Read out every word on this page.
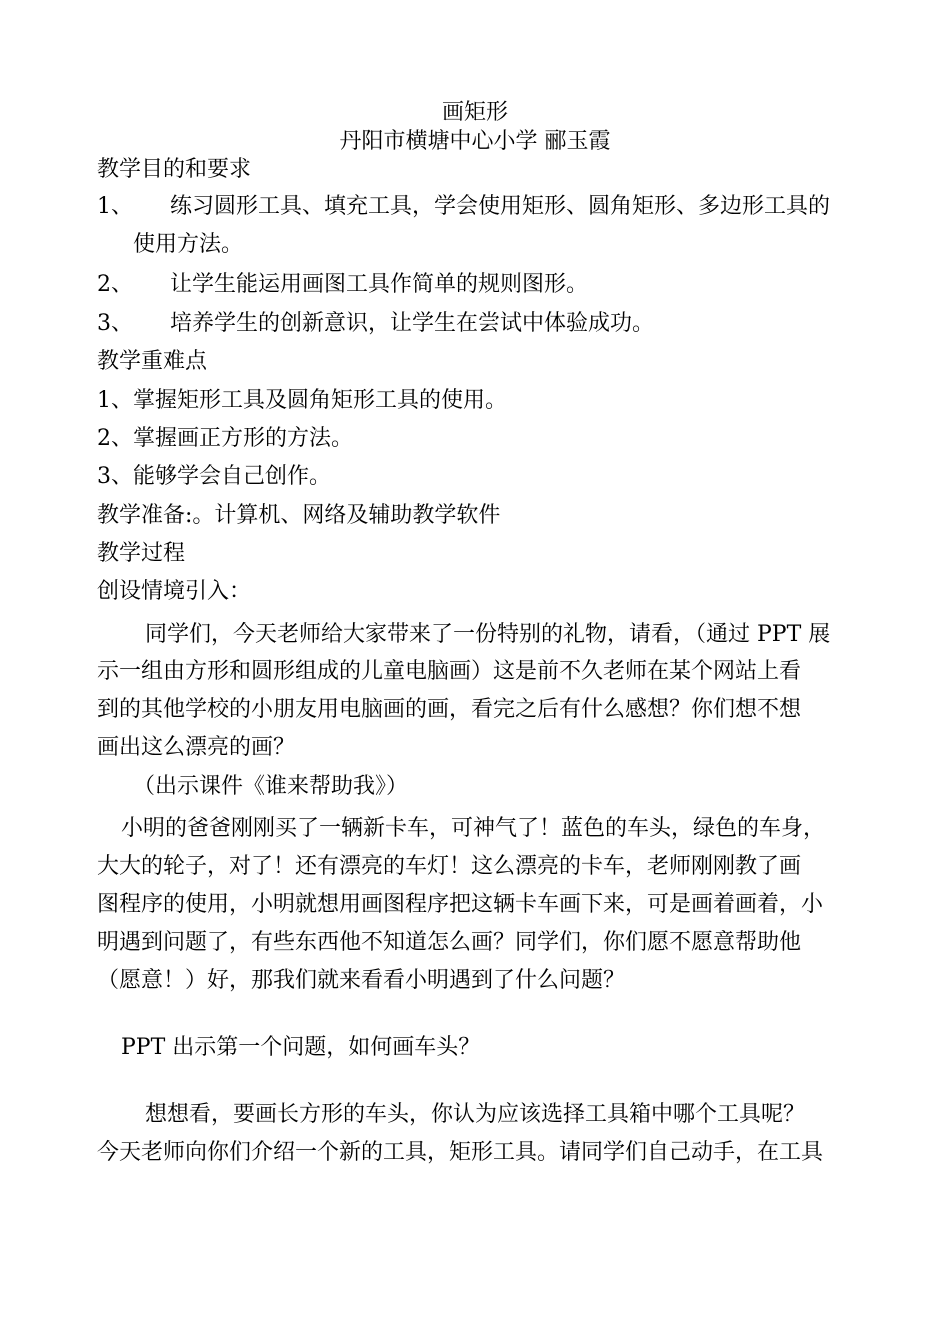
画矩形
丹阳市横塘中心小学 郦玉霞
教学目的和要求
1、 练习圆形工具、填充工具，学会使用矩形、圆角矩形、多边形工具的
使用方法。
2、 让学生能运用画图工具作简单的规则图形。
3、 培养学生的创新意识，让学生在尝试中体验成功。
教学重难点
1、掌握矩形工具及圆角矩形工具的使用。
2、掌握画正方形的方法。
3、能够学会自己创作。
教学准备:。计算机、网络及辅助教学软件
教学过程
创设情境引入：
同学们，今天老师给大家带来了一份特别的礼物，请看，（通过 PPT 展
示一组由方形和圆形组成的儿童电脑画）这是前不久老师在某个网站上看
到的其他学校的小朋友用电脑画的画，看完之后有什么感想？你们想不想
画出这么漂亮的画？
（出示课件《谁来帮助我》）
小明的爸爸刚刚买了一辆新卡车，可神气了！蓝色的车头，绿色的车身，
大大的轮子，对了！还有漂亮的车灯！这么漂亮的卡车，老师刚刚教了画
图程序的使用，小明就想用画图程序把这辆卡车画下来，可是画着画着，小
明遇到问题了，有些东西他不知道怎么画？同学们，你们愿不愿意帮助他
（愿意！）好，那我们就来看看小明遇到了什么问题？
PPT 出示第一个问题，如何画车头？
想想看，要画长方形的车头，你认为应该选择工具箱中哪个工具呢？
今天老师向你们介绍一个新的工具，矩形工具。请同学们自己动手，在工具
